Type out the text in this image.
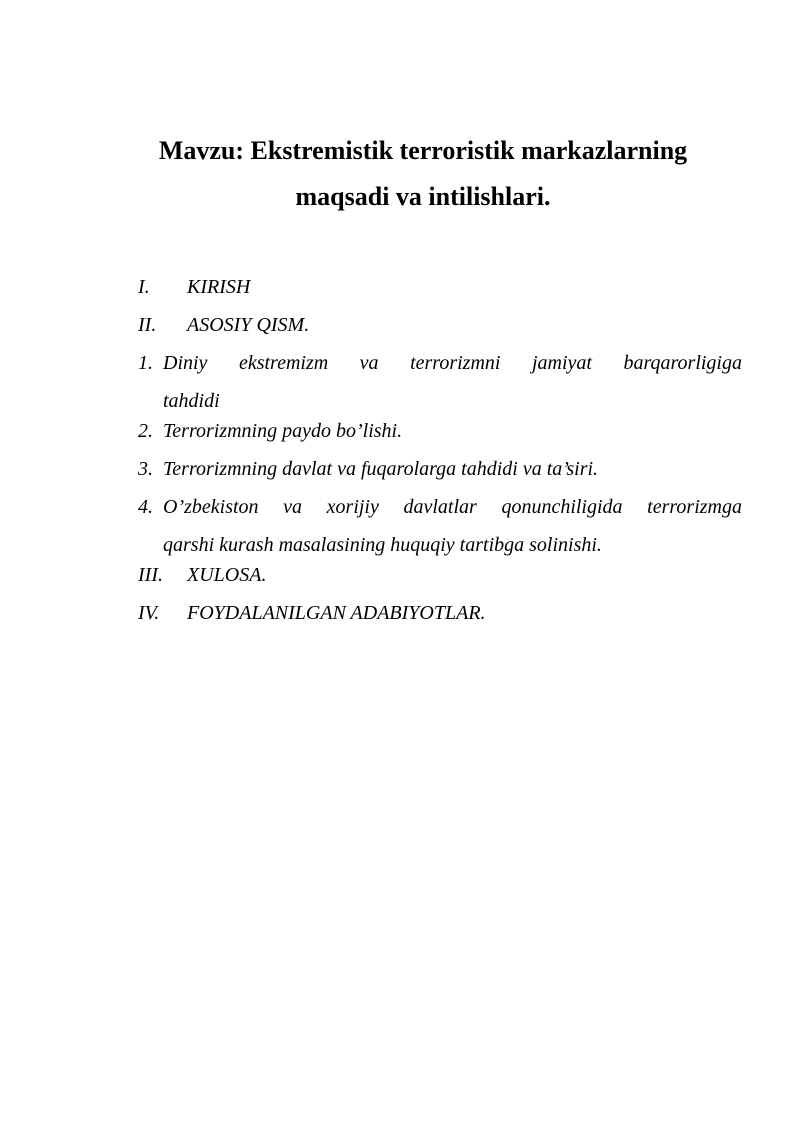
Mavzu: Ekstremistik terroristik markazlarning
maqsadi va intilishlari.
I.	KIRISH
II.	ASOSIY QISM.
1. Diniy ekstremizm va terrorizmni jamiyat barqarorligiga
tahdidi
2. Terrorizmning paydo bo’lishi.
3. Terrorizmning davlat va fuqarolarga tahdidi va ta’siri.
4. O’zbekiston va xorijiy davlatlar qonunchiligida terrorizmga
qarshi kurash masalasining huquqiy tartibga solinishi.
III.	XULOSA.
IV.	FOYDALANILGAN ADABIYOTLAR.
